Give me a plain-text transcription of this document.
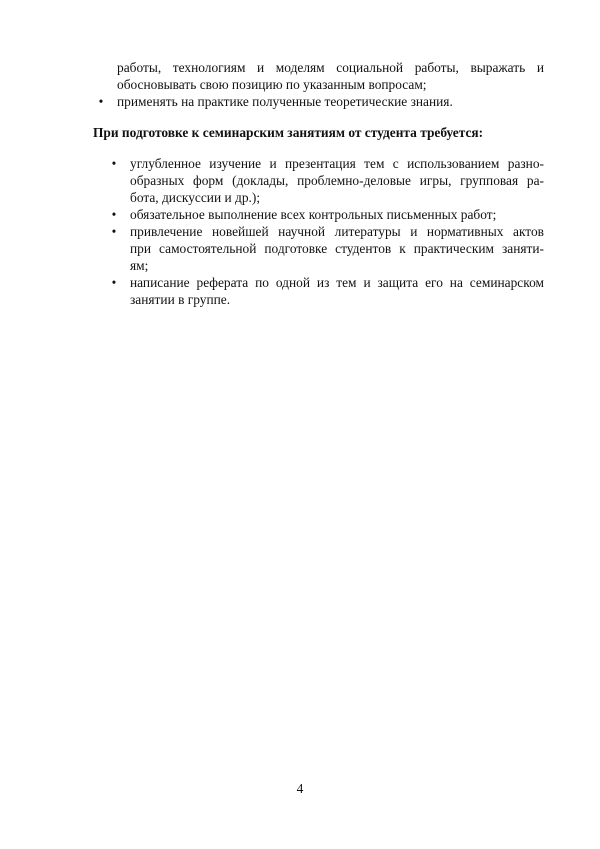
работы, технологиям и моделям социальной работы, выражать и
обосновывать свою позицию по указанным вопросам;
• применять на практике полученные теоретические знания.
При подготовке к семинарским занятиям от студента требуется:
• углубленное изучение и презентация тем с использованием разно-
образных форм (доклады, проблемно-деловые игры, групповая ра-
бота, дискуссии и др.);
• обязательное выполнение всех контрольных письменных работ;
• привлечение новейшей научной литературы и нормативных актов
при самостоятельной подготовке студентов к практическим заняти-
ям;
• написание реферата по одной из тем и защита его на семинарском
занятии в группе.
4
